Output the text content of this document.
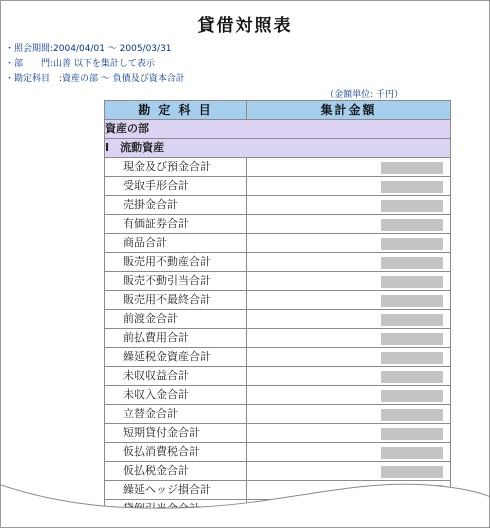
貸借対照表
・照会期間:2004/04/01 ～ 2005/03/31
・部　　門:山善 以下を集計して表示
・勘定科目　:資産の部 ～ 負債及び資本合計
（金額単位: 千円）
勘 定 科 目	集計金額
資産の部	
Ⅰ　流動資産	
現金及び預金合計	

受取手形合計	

売掛金合計	

有価証券合計	

商品合計	

販売用不動産合計	

販売不動引当合計	

販売用不最終合計	

前渡金合計	

前払費用合計	

繰延税金資産合計	

未収収益合計	

未収入金合計	

立替金合計	

短期貸付金合計	

仮払消費税合計	

仮払税金合計	

繰延ヘッジ損合計	
